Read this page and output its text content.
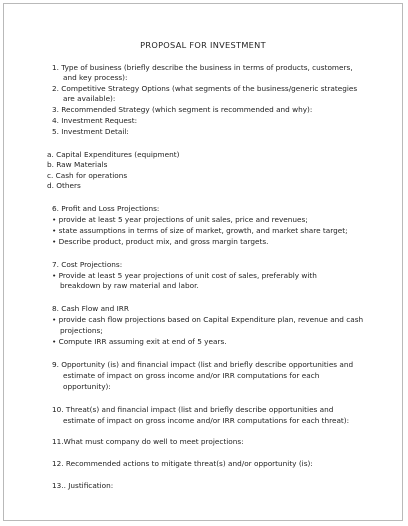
PROPOSAL FOR INVESTMENT
1. Type of business (briefly describe the business in terms of products, customers,
and key process):
2. Competitive Strategy Options (what segments of the business/generic strategies
are available):
3. Recommended Strategy (which segment is recommended and why):
4. Investment Request:
5. Investment Detail:
a. Capital Expenditures (equipment)
b. Raw Materials
c. Cash for operations
d. Others
6. Profit and Loss Projections:
• provide at least 5 year projections of unit sales, price and revenues;
• state assumptions in terms of size of market, growth, and market share target;
• Describe product, product mix, and gross margin targets.
7. Cost Projections:
• Provide at least 5 year projections of unit cost of sales, preferably with
breakdown by raw material and labor.
8. Cash Flow and IRR
• provide cash flow projections based on Capital Expenditure plan, revenue and cash
projections;
• Compute IRR assuming exit at end of 5 years.
9. Opportunity (is) and financial impact (list and briefly describe opportunities and
estimate of impact on gross income and/or IRR computations for each
opportunity):
10. Threat(s) and financial impact (list and briefly describe opportunities and
estimate of impact on gross income and/or IRR computations for each threat):
11.What must company do well to meet projections:
12. Recommended actions to mitigate threat(s) and/or opportunity (is):
13.. Justification:
